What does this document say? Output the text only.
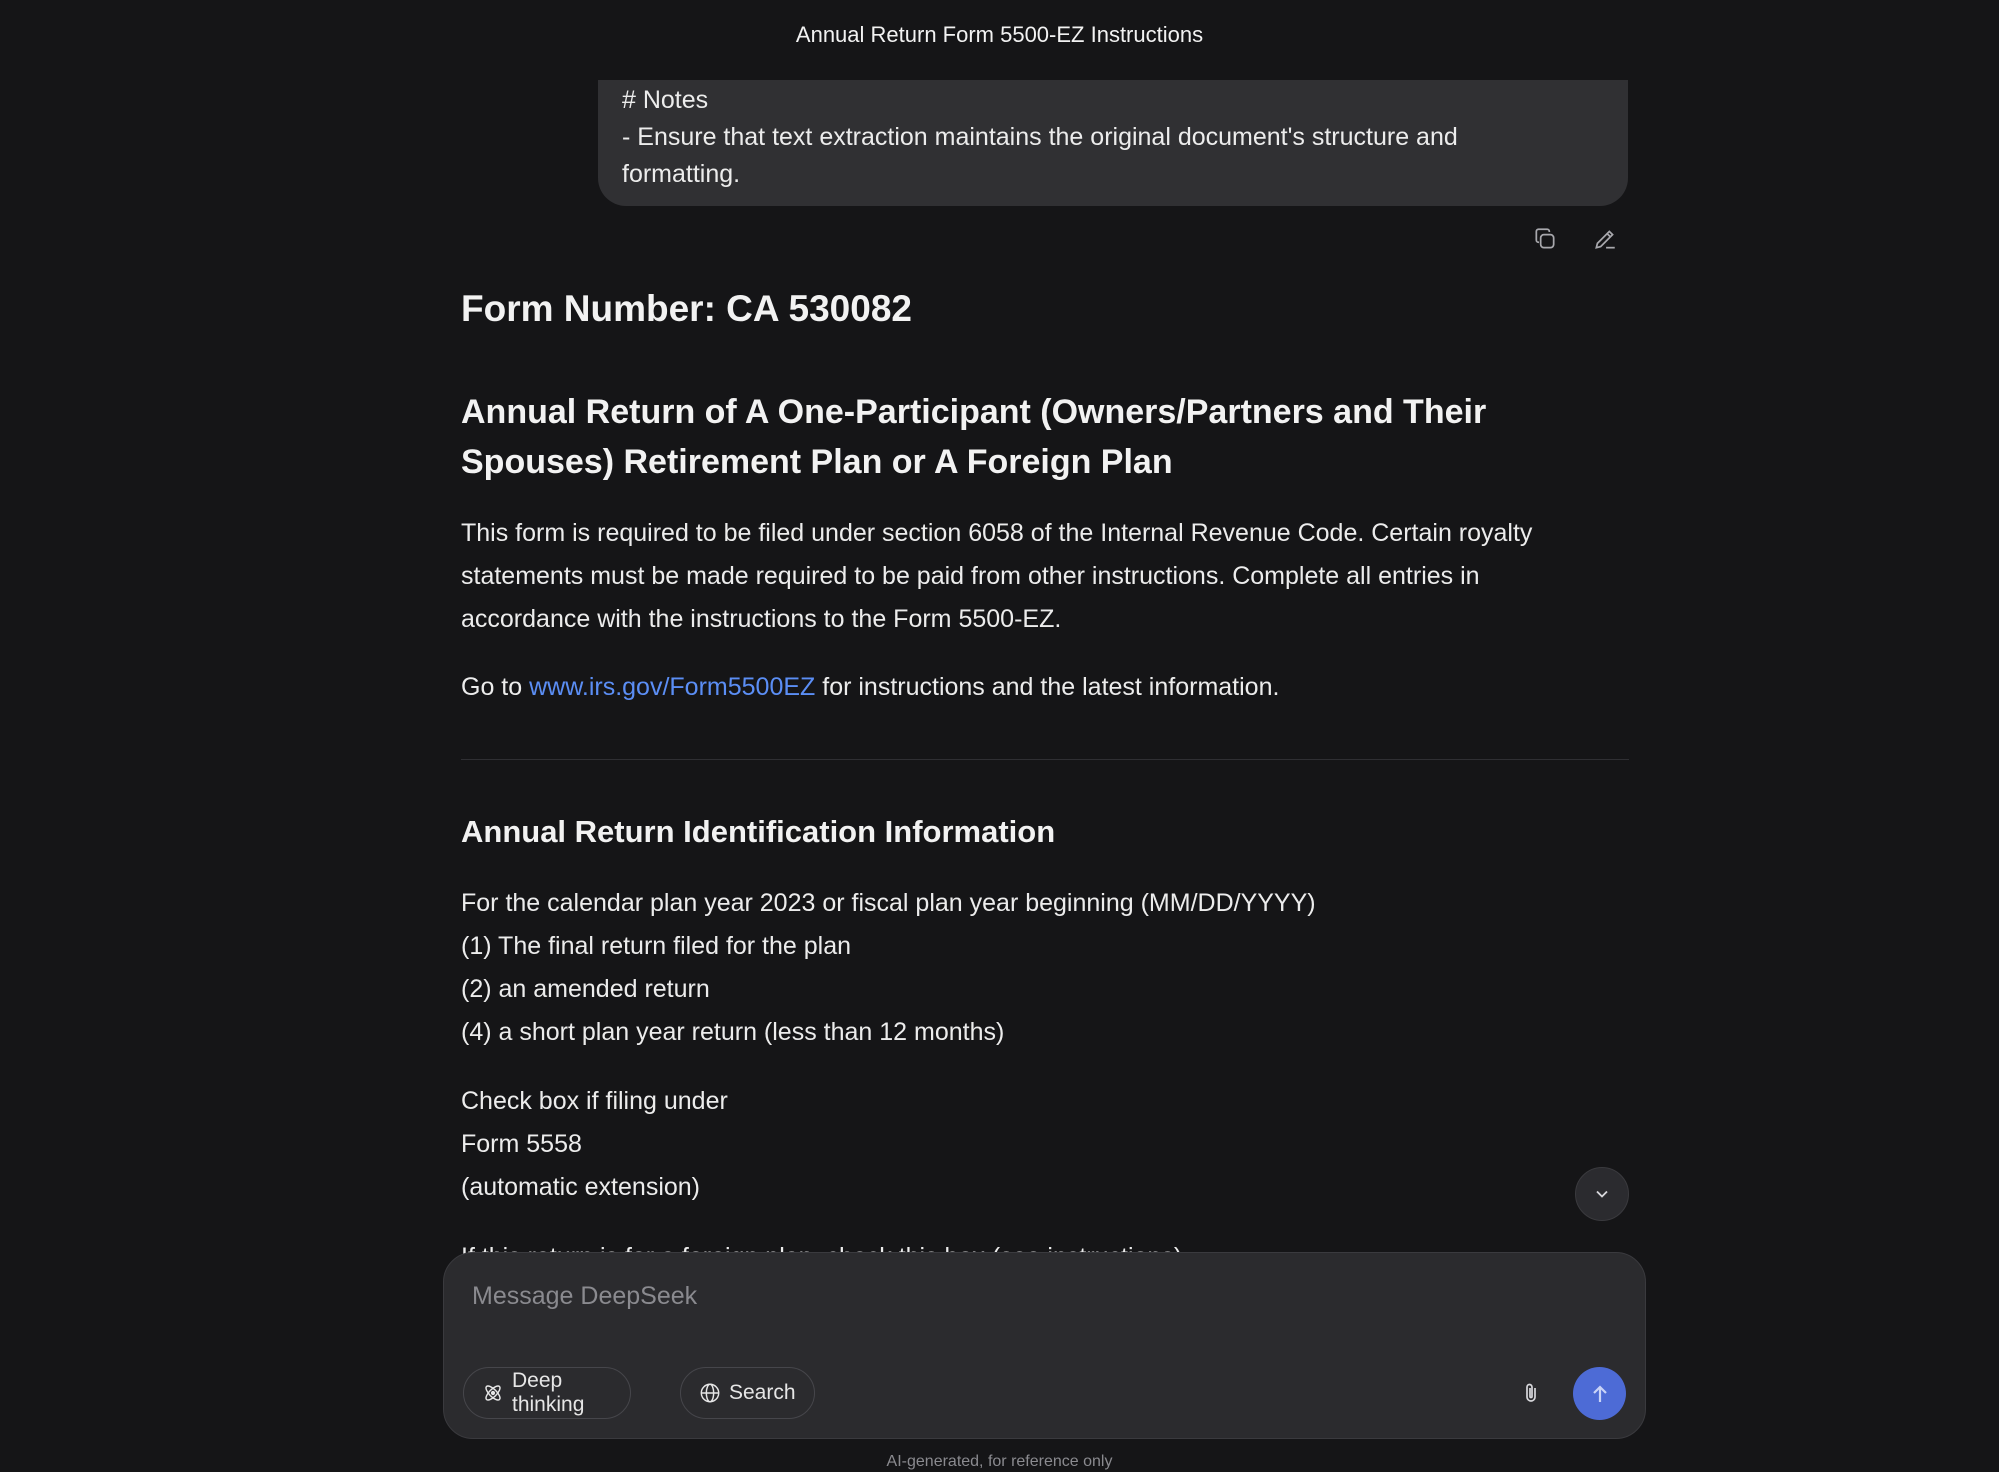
Annual Return Form 5500-EZ Instructions
# Notes
- Ensure that text extraction maintains the original document's structure and
formatting.
Form Number: CA 530082
Annual Return of A One-Participant (Owners/Partners and Their
Spouses) Retirement Plan or A Foreign Plan
This form is required to be filed under section 6058 of the Internal Revenue Code. Certain royalty
statements must be made required to be paid from other instructions. Complete all entries in
accordance with the instructions to the Form 5500-EZ.
Go to www.irs.gov/Form5500EZ for instructions and the latest information.
Annual Return Identification Information
For the calendar plan year 2023 or fiscal plan year beginning (MM/DD/YYYY)
(1) The final return filed for the plan
(2) an amended return
(4) a short plan year return (less than 12 months)
Check box if filing under
Form 5558
(automatic extension)
Message DeepSeek
Deep thinking
Search
AI-generated, for reference only
